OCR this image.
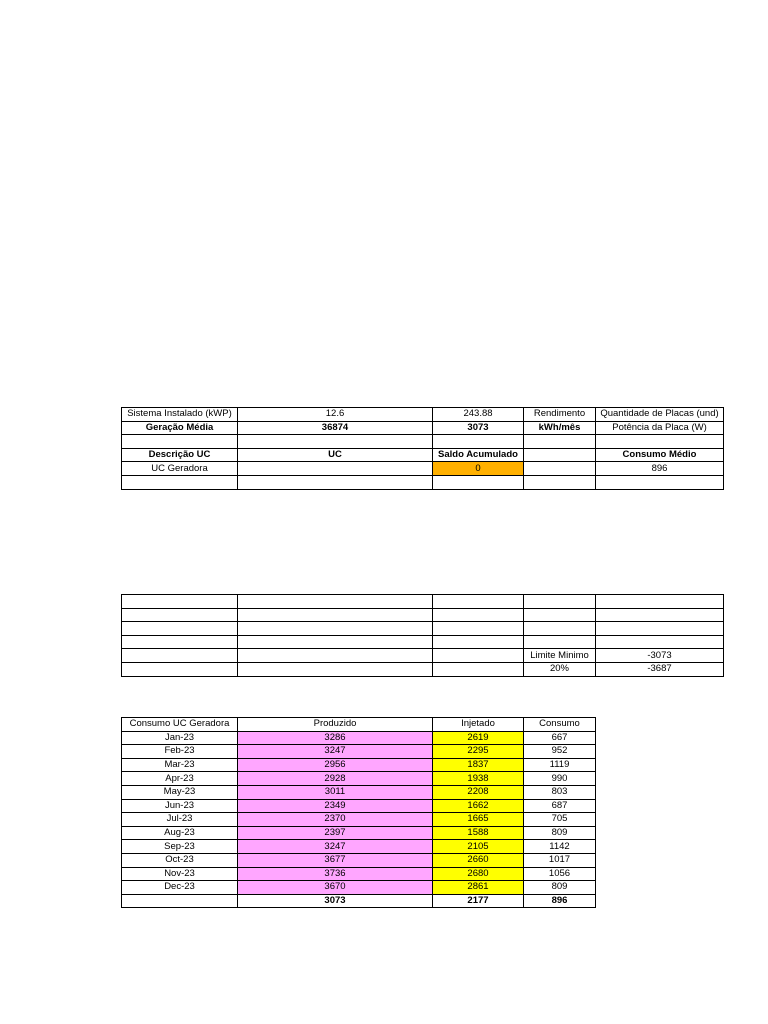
Sistema Instalado (kWP)	12.6	243.88	Rendimento	Quantidade de Placas (und)
Geração Média	36874	3073	kWh/mês	Potência da Placa (W)

Descrição UC	UC	Saldo Acumulado		Consumo Médio
UC Geradora		0		896

			Limite Minimo	-3073
			20%	-3687
Consumo UC Geradora	Produzido	Injetado	Consumo
Jan-23	3286	2619	667
Feb-23	3247	2295	952
Mar-23	2956	1837	1119
Apr-23	2928	1938	990
May-23	3011	2208	803
Jun-23	2349	1662	687
Jul-23	2370	1665	705
Aug-23	2397	1588	809
Sep-23	3247	2105	1142
Oct-23	3677	2660	1017
Nov-23	3736	2680	1056
Dec-23	3670	2861	809
	3073	2177	896
